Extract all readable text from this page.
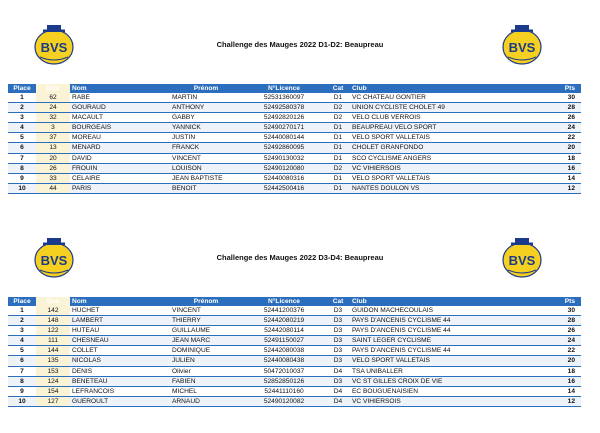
BVS	Challenge des Mauges 2022 D1-D2: Beaupreau	BVS
Place	Dos	Nom	Prénom	N°Licence	Cat	Club	Pts
1	62	RABE	MARTIN	52531360097	D1	VC CHATEAU GONTIER	30
2	24	GOURAUD	ANTHONY	52492580378	D2	UNION CYCLISTE CHOLET 49	28
3	32	MACAULT	GABBY	52492820126	D2	VELO CLUB VERROIS	26
4	3	BOURGEAIS	YANNICK	52490270171	D1	BEAUPREAU VELO SPORT	24
5	37	MOREAU	JUSTIN	52440080144	D1	VELO SPORT VALLETAIS	22
6	13	MENARD	FRANCK	52492860095	D1	CHOLET GRANFONDO	20
7	20	DAVID	VINCENT	52490130032	D1	SCO CYCLISME ANGERS	18
8	26	FROUIN	LOUISON	52490120080	D2	VC VIHIERSOIS	16
9	33	CELAIRE	JEAN BAPTISTE	52440080316	D1	VELO SPORT VALLETAIS	14
10	44	PARIS	BENOIT	52442500416	D1	NANTES DOULON VS	12
BVS	Challenge des Mauges 2022 D3-D4: Beaupreau	BVS
Place	Dos	Nom	Prénom	N°Licence	Cat	Club	Pts
1	142	HUCHET	VINCENT	52441200376	D3	GUIDON MACHECOULAIS	30
2	148	LAMBERT	THIERRY	52442080219	D3	PAYS D'ANCENIS CYCLISME 44	28
3	122	HUTEAU	GUILLAUME	52442080114	D3	PAYS D'ANCENIS CYCLISME 44	26
4	111	CHESNEAU	JEAN MARC	52491150027	D3	SAINT LEGER CYCLISME	24
5	144	COLLET	DOMINIQUE	52442080038	D3	PAYS D'ANCENIS CYCLISME 44	22
6	135	NICOLAS	JULIEN	52440080438	D3	VELO SPORT VALLETAIS	20
7	153	DENIS	Olivier	50472010037	D4	TSA UNIBALLER	18
8	124	BENETEAU	FABIEN	52852850126	D3	VC ST GILLES CROIX DE VIE	16
9	154	LEFRANCOIS	MICHEL	52441110160	D4	EC BOUGUENAISIEN	14
10	127	GUEROULT	ARNAUD	52490120082	D4	VC VIHIERSOIS	12
